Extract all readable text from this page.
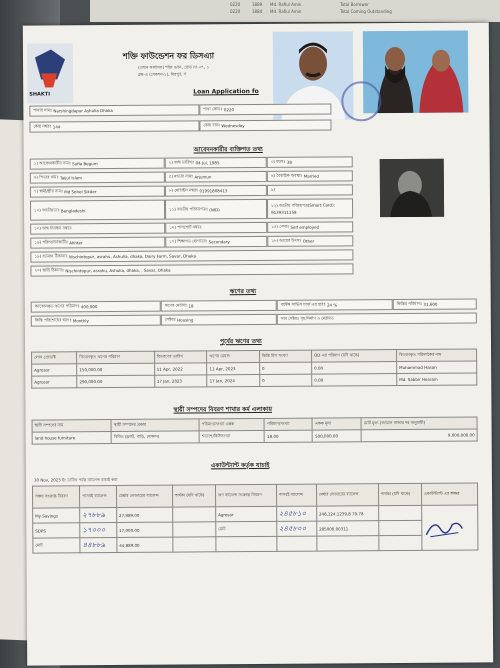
0220	1889 Md. Rafiul Amin	Total Borrower
0220	1884 Md. Rafiul Amin	Total Coming Outstanding
SHAKTI
শক্তি ফাউন্ডেশন ফর ডিসএ্যা
(প্রধান কার্যালয়) শক্তি ভবন, রোড নং-৩৭, ১
ব্লক-এ (সেকশন-১), মিরপুর, স
Loan Application fo
শাখার নামঃ
Narshingdapur Ashulia Dhaka	শাখা কোডঃ
0220
কেন্দ্র নম্বরঃ
144	কেন্দ্র বারঃ
Wednesday
আবেদনকারীর ব্যক্তিগত তথ্য
১) আবেদনকারীর নামঃ
Sufia Begum	২) জন্ম তারিখঃ
04 Jul, 1985	৩) বয়সঃ
38
৪) পিতার নামঃ
Taijul Islam	৫) মাতার নামঃ
Arjumun	৬) বৈবাহিক অবস্থাঃ
Married
৭) স্বামী/স্ত্রীর নামঃ
Md Sohel Sikder	৮) মোবাইল নম্বরঃ
01991808413	৯)
১০) জাতীয়তাঃ
Bangladeshi	১১) জাতীয় পরিচয়পত্রঃ
(NID)
১২) জাতীয় পরিচয়পত্র(Smart Card):
9139311158
১৩) জন্ম নিবন্ধন নম্বরঃ	১৪) পাসপোর্ট নম্বরঃ	১৫) পেশাঃ
Self employed
১৬) পরিচয়দানকারীঃ
Akhter	১৭) শিক্ষাগত যোগ্যতাঃ
Secondary	১৮) আয়ের উৎসঃ
Other
১৯) বর্তমান ঠিকানাঃ
Nischintopur, asrahu, Ashulia, dhaka, Dairy Farm, Savar, Dhaka
২০) স্থায়ী ঠিকানাঃ
Nischintopur, asrahu, Ashulia, dhaka, , Savar, Dhaka
ঋণের তথ্য
আবেদনকৃত ঋণের পরিমাণঃ
400,000	ঋণের মেয়াদঃ
18	বার্ষিক সার্ভিস চার্জ এর হারঃ
24 %	কিস্তির পরিমাণঃ
31,600
কিস্তি পরিশোধের ধরণঃ
Monthly	সেক্টরঃ
Housing	সাব সেক্টরঃ গৃহ নির্মাণ ও মেরামত
পূর্বের ঋণের তথ্য
লোন প্রোডাক্ট	বিতরণকৃত ঋণের পরিমাণ	বিতরণের তারিখ	ঋণের মেয়াদ	কিস্তি মিস সংখ্যা	OD এর পরিমাণ (যদি থাকে)	বিতরণকৃত পরিদর্শকের নাম
Agrosor	150,000.00	11 Apr, 2022	11 Apr, 2023	0	0.00	Muhammad Hasan
Agrosor	290,000.00	17 Jan, 2023	17 Jan, 2024	0	0.00	Md. Sabbir Hossain
স্থায়ী সম্পদের বিবরণ শাখার কর্ম এলাকায়
স্থায়ী সম্পদের নাম	স্থায়ী সম্পদের প্রকার	পরিমাণ/সংখ্যা একক	পরিমাণ/সংখ্যা	একক মূল্য	মোট মূল্য (বর্তমান বাজার দর অনুযায়ী)
land house furniture	বিল্ডিং (ফ্ল্যাট, বাড়ি, দোকান)	শতাংশ/কিউসংখ্যা	18.00	500,000.00	9,000,000.00
একাউন্ট্যান্ট কর্তৃক যাচাই
30 Nov, 2023 ইং তারিখ পর্যন্ত ব্যালেন্স যাচাই করা
সঞ্চয় সংক্রান্ত বিবরণ	পাসবই ব্যালেন্স	মেম্বার লেজারের ব্যালেন্স	পার্থক্য (যদি থাকে)	ঋণ ব্যালেন্স সংক্রান্ত বিবরণ	পাসবই ব্যালেন্স	মেম্বার লেজারের ব্যালেন্স	পার্থক্য (যদি থাকে)	একাউন্ট্যান্ট এর স্বাক্ষর
My Savings	২৭৮৮৯	27,889.00		Agrosor	২৪৫৮১০	246,124.1239,8 79.78		
SDPS	১৭০০০	17,000.00		মোট	২৪৫৮০০	285000.00311		
মোট	৪৪৮৮৯	44,889.00						
